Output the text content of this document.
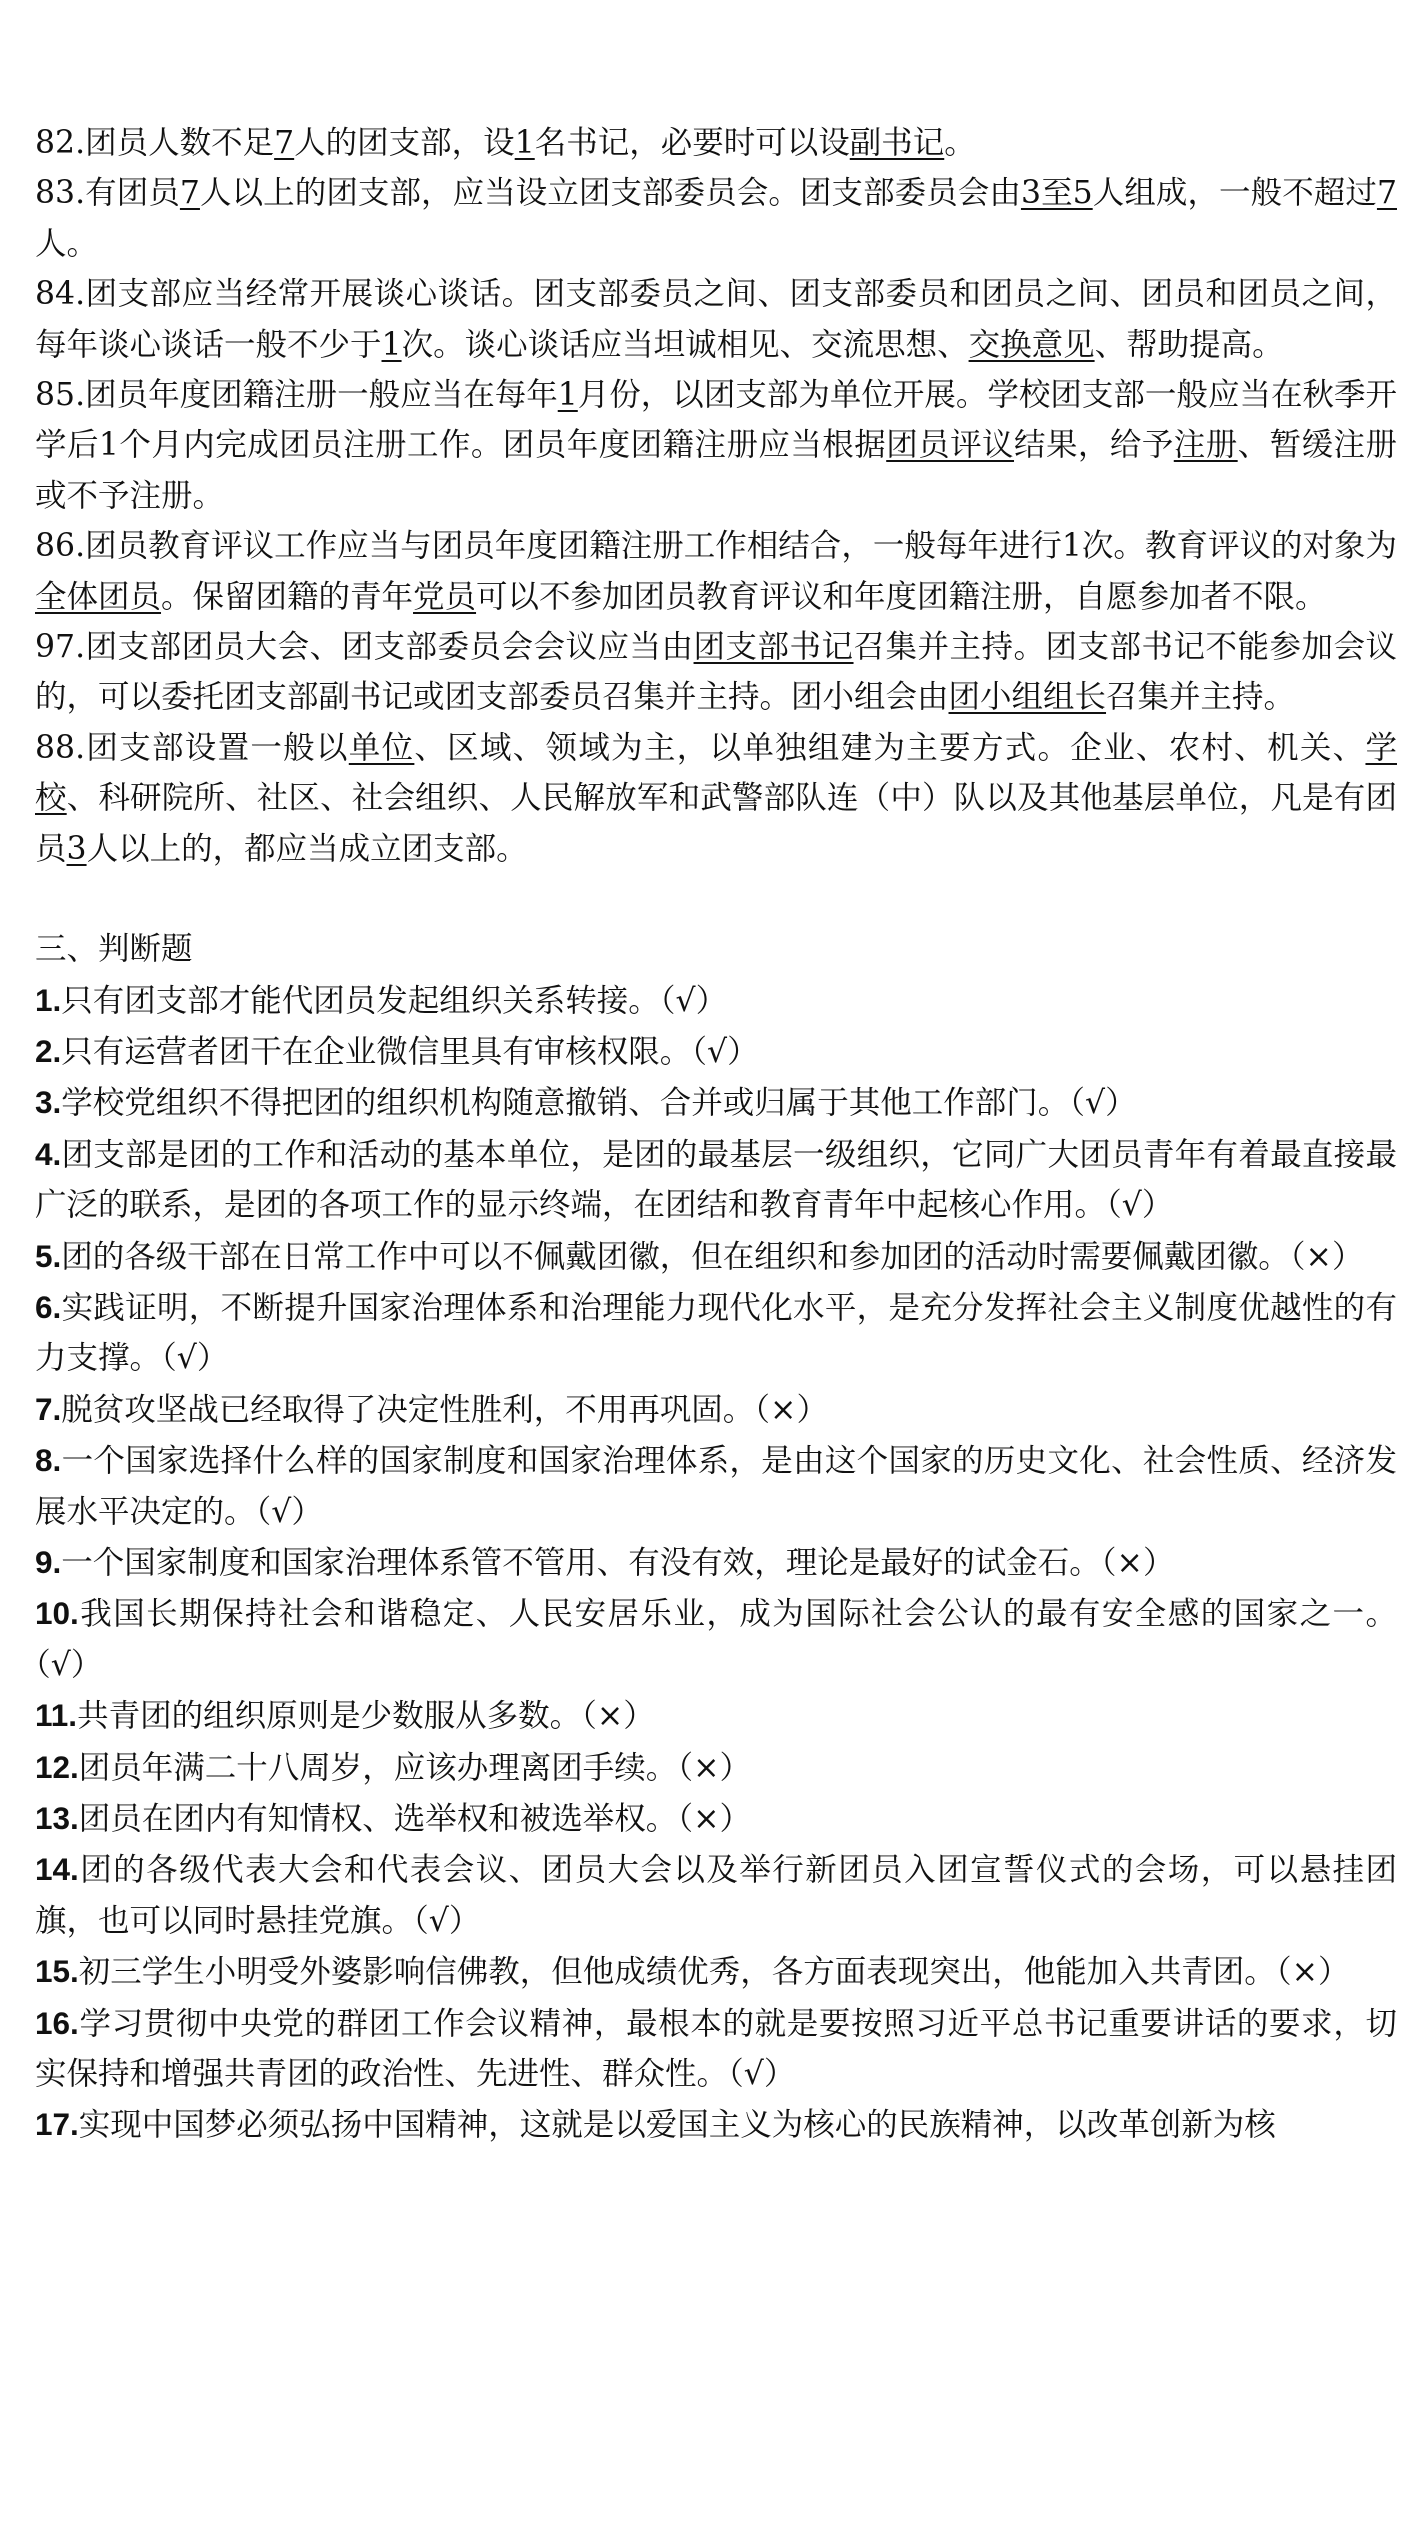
82.团员人数不足7人的团支部，设1名书记，必要时可以设副书记。

83.有团员7人以上的团支部，应当设立团支部委员会。团支部委员会由3至5人组成，一般不超过7人。

84.团支部应当经常开展谈心谈话。团支部委员之间、团支部委员和团员之间、团员和团员之间，每年谈心谈话一般不少于1次。谈心谈话应当坦诚相见、交流思想、交换意见、帮助提高。

85.团员年度团籍注册一般应当在每年1月份，以团支部为单位开展。学校团支部一般应当在秋季开学后1个月内完成团员注册工作。团员年度团籍注册应当根据团员评议结果，给予注册、暂缓注册或不予注册。

86.团员教育评议工作应当与团员年度团籍注册工作相结合，一般每年进行1次。教育评议的对象为全体团员。保留团籍的青年党员可以不参加团员教育评议和年度团籍注册，自愿参加者不限。

97.团支部团员大会、团支部委员会会议应当由团支部书记召集并主持。团支部书记不能参加会议的，可以委托团支部副书记或团支部委员召集并主持。团小组会由团小组组长召集并主持。

88.团支部设置一般以单位、区域、领域为主，以单独组建为主要方式。企业、农村、机关、学校、科研院所、社区、社会组织、人民解放军和武警部队连（中）队以及其他基层单位，凡是有团员3人以上的，都应当成立团支部。

三、判断题

1.只有团支部才能代团员发起组织关系转接。（√）

2.只有运营者团干在企业微信里具有审核权限。（√）

3.学校党组织不得把团的组织机构随意撤销、合并或归属于其他工作部门。（√）

4.团支部是团的工作和活动的基本单位，是团的最基层一级组织，它同广大团员青年有着最直接最广泛的联系，是团的各项工作的显示终端，在团结和教育青年中起核心作用。（√）

5.团的各级干部在日常工作中可以不佩戴团徽，但在组织和参加团的活动时需要佩戴团徽。（×）

6.实践证明，不断提升国家治理体系和治理能力现代化水平，是充分发挥社会主义制度优越性的有力支撑。（√）

7.脱贫攻坚战已经取得了决定性胜利，不用再巩固。（×）

8.一个国家选择什么样的国家制度和国家治理体系，是由这个国家的历史文化、社会性质、经济发展水平决定的。（√）

9.一个国家制度和国家治理体系管不管用、有没有效，理论是最好的试金石。（×）

10.我国长期保持社会和谐稳定、人民安居乐业，成为国际社会公认的最有安全感的国家之一。（√）

11.共青团的组织原则是少数服从多数。（×）

12.团员年满二十八周岁，应该办理离团手续。（×）

13.团员在团内有知情权、选举权和被选举权。（×）

14.团的各级代表大会和代表会议、团员大会以及举行新团员入团宣誓仪式的会场，可以悬挂团旗，也可以同时悬挂党旗。（√）

15.初三学生小明受外婆影响信佛教，但他成绩优秀，各方面表现突出，他能加入共青团。（×）

16.学习贯彻中央党的群团工作会议精神，最根本的就是要按照习近平总书记重要讲话的要求，切实保持和增强共青团的政治性、先进性、群众性。（√）

17.实现中国梦必须弘扬中国精神，这就是以爱国主义为核心的民族精神，以改革创新为核
